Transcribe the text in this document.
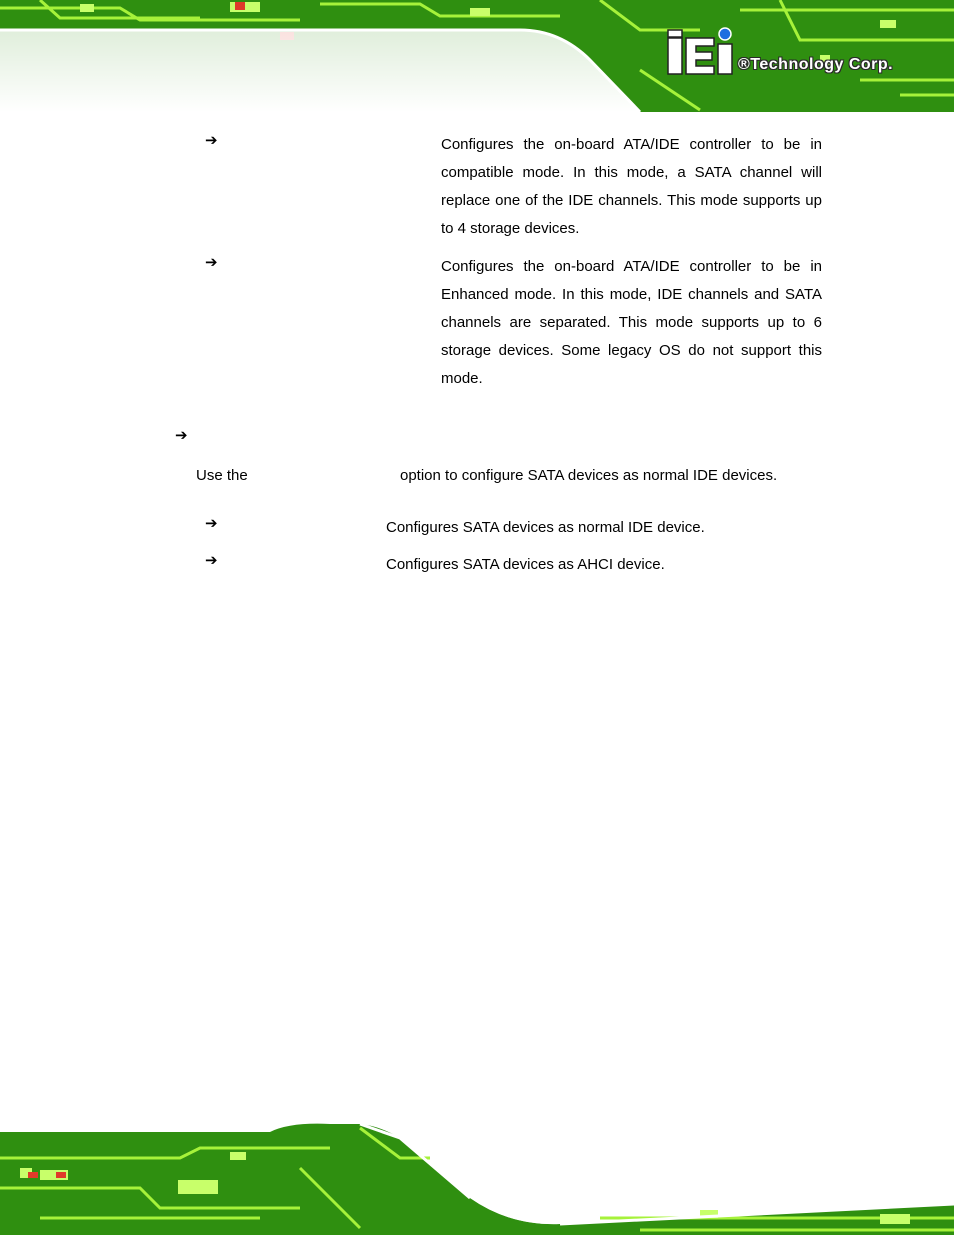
®Technology Corp.
➔	Configures the on-board ATA/IDE controller to be in compatible mode. In this mode, a SATA channel will replace one of the IDE channels. This mode supports up to 4 storage devices.

➔	Configures the on-board ATA/IDE controller to be in Enhanced mode. In this mode, IDE channels and SATA channels are separated. This mode supports up to 6 storage devices. Some legacy OS do not support this mode.

➔
Use the	option to configure SATA devices as normal IDE devices.
➔	Configures SATA devices as normal IDE device.
➔	Configures SATA devices as AHCI device.
